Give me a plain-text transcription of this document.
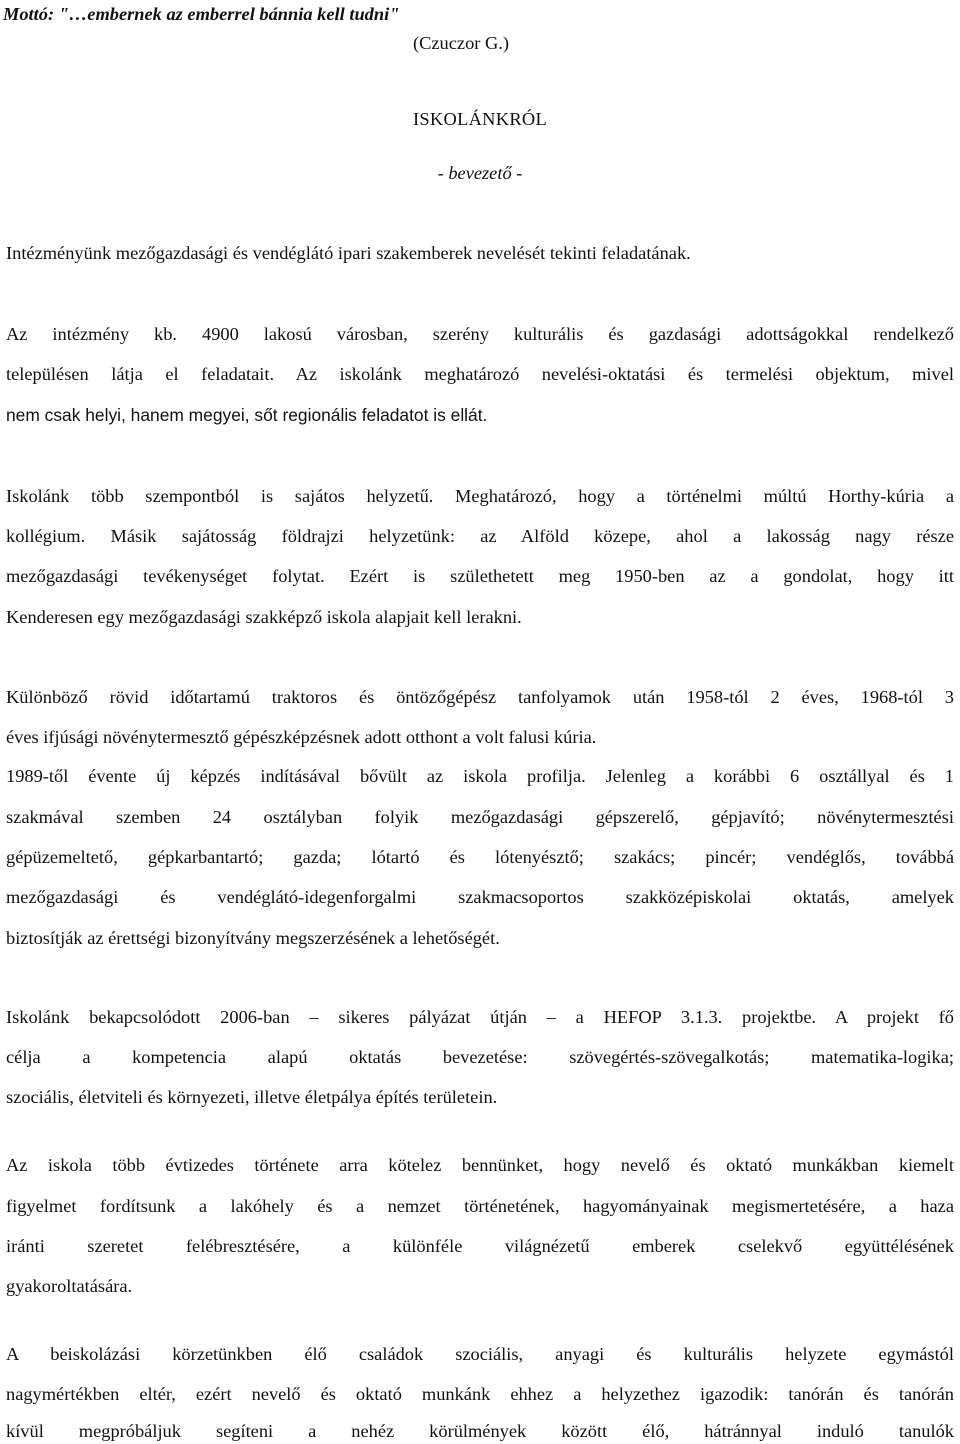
Mottó: "…embernek az emberrel bánnia kell tudni"
(Czuczor G.)
ISKOLÁNKRÓL
- bevezető -
Intézményünk mezőgazdasági és vendéglátó ipari szakemberek nevelését tekinti feladatának.
Az intézmény kb. 4900 lakosú városban, szerény kulturális és gazdasági adottságokkal rendelkező
településen látja el feladatait. Az iskolánk meghatározó nevelési-oktatási és termelési objektum, mivel
nem csak helyi, hanem megyei, sőt regionális feladatot is ellát.
Iskolánk több szempontból is sajátos helyzetű. Meghatározó, hogy a történelmi múltú Horthy-kúria a
kollégium. Másik sajátosság földrajzi helyzetünk: az Alföld közepe, ahol a lakosság nagy része
mezőgazdasági tevékenységet folytat. Ezért is születhetett meg 1950-ben az a gondolat, hogy itt
Kenderesen egy mezőgazdasági szakképző iskola alapjait kell lerakni.
Különböző rövid időtartamú traktoros és öntözőgépész tanfolyamok után 1958-tól 2 éves, 1968-tól 3
éves ifjúsági növénytermesztő gépészképzésnek adott otthont a volt falusi kúria.
1989-től évente új képzés indításával bővült az iskola profilja. Jelenleg a korábbi 6 osztállyal és 1
szakmával szemben 24 osztályban folyik mezőgazdasági gépszerelő, gépjavító; növénytermesztési
gépüzemeltető, gépkarbantartó; gazda; lótartó és lótenyésztő; szakács; pincér; vendéglős, továbbá
mezőgazdasági és vendéglátó-idegenforgalmi szakmacsoportos szakközépiskolai oktatás, amelyek
biztosítják az érettségi bizonyítvány megszerzésének a lehetőségét.
Iskolánk bekapcsolódott 2006-ban – sikeres pályázat útján – a HEFOP 3.1.3. projektbe. A projekt fő
célja a kompetencia alapú oktatás bevezetése: szövegértés-szövegalkotás; matematika-logika;
szociális, életviteli és környezeti, illetve életpálya építés területein.
Az iskola több évtizedes története arra kötelez bennünket, hogy nevelő és oktató munkákban kiemelt
figyelmet fordítsunk a lakóhely és a nemzet történetének, hagyományainak megismertetésére, a haza
iránti szeretet felébresztésére, a különféle világnézetű emberek cselekvő együttélésének
gyakoroltatására.
A beiskolázási körzetünkben élő családok szociális, anyagi és kulturális helyzete egymástól
nagymértékben eltér, ezért nevelő és oktató munkánk ehhez a helyzethez igazodik: tanórán és tanórán
kívül megpróbáljuk segíteni a nehéz körülmények között élő, hátránnyal induló tanulók
